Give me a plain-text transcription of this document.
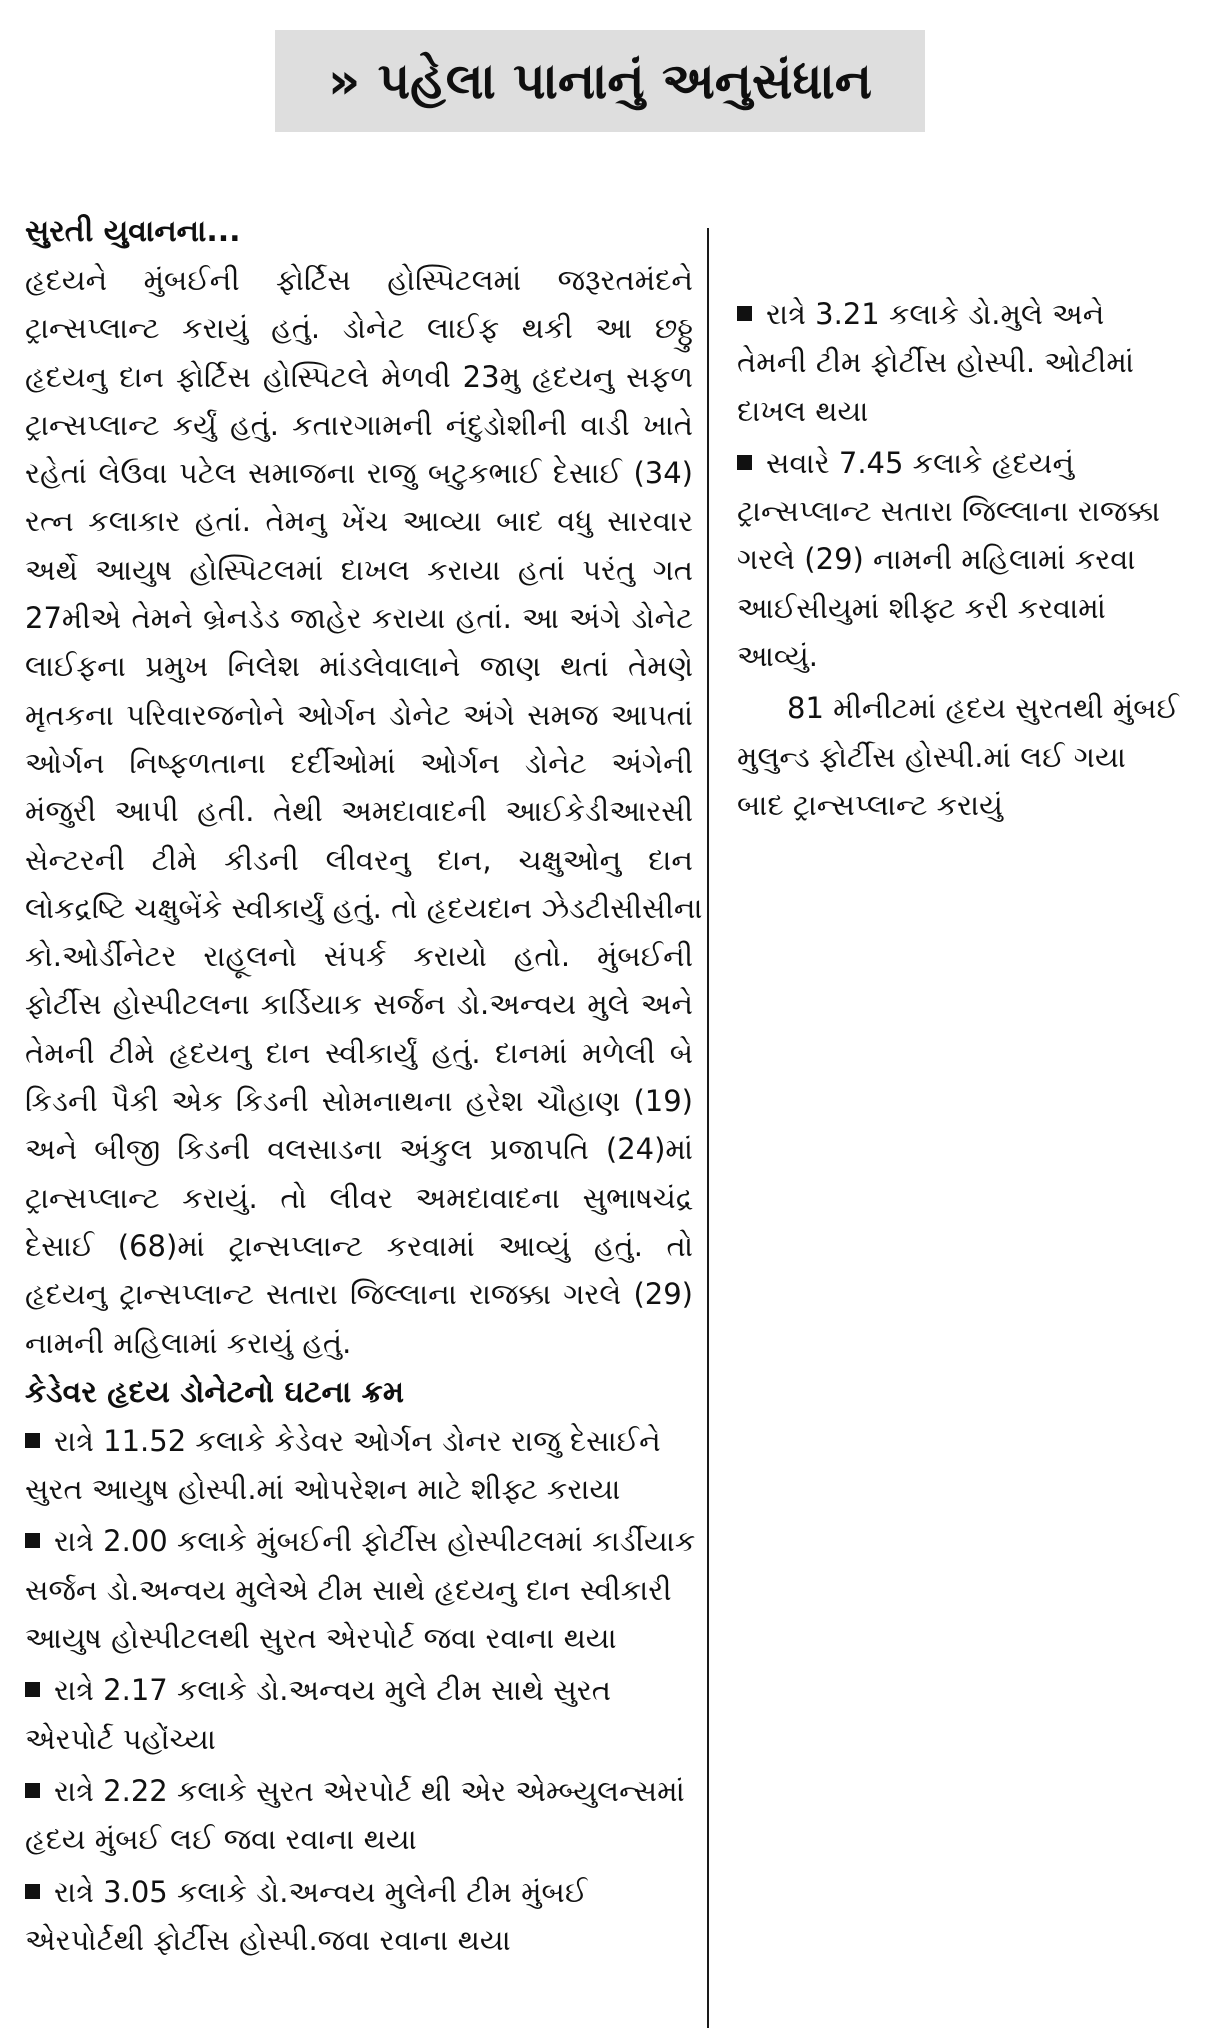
» પહેલા પાનાનું અનુસંધાન
સુરતી યુવાનના...
હૃદયને મુંબઈની ફોર્ટિસ હોસ્પિટલમાં જરૂરતમંદને
ટ્રાન્સપ્લાન્ટ કરાયું હતું. ડોનેટ લાઈફ થકી આ છઠ્ઠુ
હૃદયનુ દાન ફોર્ટિસ હોસ્પિટલે મેળવી 23મુ હૃદયનુ સફળ
ટ્રાન્સપ્લાન્ટ કર્યું હતું. કતારગામની નંદુડોશીની વાડી ખાતે
રહેતાં લેઉવા પટેલ સમાજના રાજુ બટુકભાઈ દેસાઈ (34)
રત્ન કલાકાર હતાં. તેમનુ ખેંચ આવ્યા બાદ વધુ સારવાર
અર્થે આયુષ હોસ્પિટલમાં દાખલ કરાયા હતાં પરંતુ ગત
27મીએ તેમને બ્રેનડેડ જાહેર કરાયા હતાં. આ અંગે ડોનેટ
લાઈફના પ્રમુખ નિલેશ માંડલેવાલાને જાણ થતાં તેમણે
મૃતકના પરિવારજનોને ઓર્ગન ડોનેટ અંગે સમજ આપતાં
ઓર્ગન નિષ્ફળતાના દર્દીઓમાં ઓર્ગન ડોનેટ અંગેની
મંજુરી આપી હતી. તેથી અમદાવાદની આઈકેડીઆરસી
સેન્ટરની ટીમે કીડની લીવરનુ દાન, ચક્ષુઓનુ દાન
લોકદ્રષ્ટિ ચક્ષુબેંકે સ્વીકાર્યું હતું. તો હૃદયદાન ઝેડટીસીસીના
કો.ઓર્ડીનેટર રાહૂલનો સંપર્ક કરાયો હતો. મુંબઈની
ફોર્ટીસ હોસ્પીટલના કાર્ડિયાક સર્જન ડો.અન્વય મુલે અને
તેમની ટીમે હૃદયનુ દાન સ્વીકાર્યું હતું. દાનમાં મળેલી બે
કિડની પૈકી એક કિડની સોમનાથના હરેશ ચૌહાણ (19)
અને બીજી કિડની વલસાડના અંકુલ પ્રજાપતિ (24)માં
ટ્રાન્સપ્લાન્ટ કરાયું. તો લીવર અમદાવાદના સુભાષચંદ્ર
દેસાઈ (68)માં ટ્રાન્સપ્લાન્ટ કરવામાં આવ્યું હતું. તો
હૃદયનુ ટ્રાન્સપ્લાન્ટ સતારા જિલ્લાના રાજક્કા ગરલે (29)
નામની મહિલામાં કરાયું હતું.
કેડેવર હૃદય ડોનેટનો ઘટના ક્રમ
રાત્રે 11.52 કલાકે કેડેવર ઓર્ગન ડોનર રાજુ દેસાઈને
સુરત આયુષ હોસ્પી.માં ઓપરેશન માટે શીફ્ટ કરાયા
રાત્રે 2.00 કલાકે મુંબઈની ફોર્ટીસ હોસ્પીટલમાં કાર્ડીયાક
સર્જન ડો.અન્વય મુલેએ ટીમ સાથે હૃદયનુ દાન સ્વીકારી
આયુષ હોસ્પીટલથી સુરત એરપોર્ટ જવા રવાના થયા
રાત્રે 2.17 કલાકે ડો.અન્વય મુલે ટીમ સાથે સુરત
એરપોર્ટ પહોંચ્યા
રાત્રે 2.22 કલાકે સુરત એરપોર્ટ થી એર એમ્બ્યુલન્સમાં
હૃદય મુંબઈ લઈ જવા રવાના થયા
રાત્રે 3.05 કલાકે ડો.અન્વય મુલેની ટીમ મુંબઈ
એરપોર્ટથી ફોર્ટીસ હોસ્પી.જવા રવાના થયા
રાત્રે 3.21 કલાકે ડો.મુલે અને
તેમની ટીમ ફોર્ટીસ હોસ્પી. ઓટીમાં
દાખલ થયા
સવારે 7.45 કલાકે હૃદયનું
ટ્રાન્સપ્લાન્ટ સતારા જિલ્લાના રાજક્કા
ગરલે (29) નામની મહિલામાં કરવા
આઈસીયુમાં શીફ્ટ કરી કરવામાં
આવ્યું.
81 મીનીટમાં હૃદય સુરતથી મુંબઈ
મુલુન્ડ ફોર્ટીસ હોસ્પી.માં લઈ ગયા
બાદ ટ્રાન્સપ્લાન્ટ કરાયું
